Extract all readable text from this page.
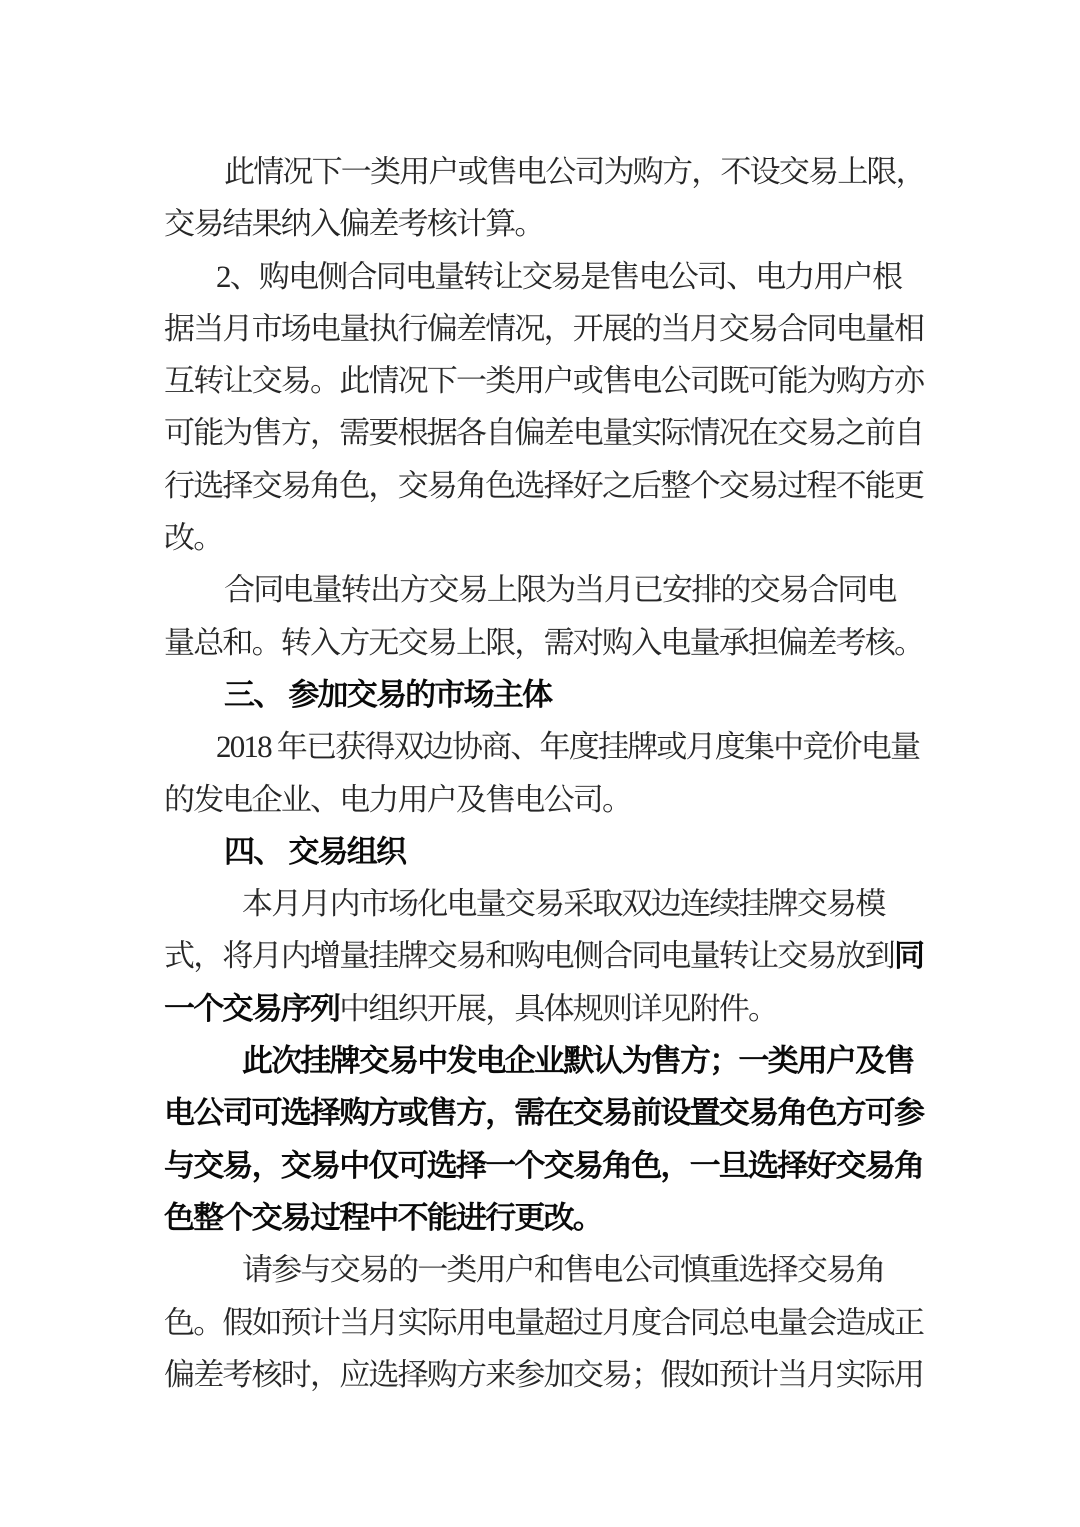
此情况下一类用户或售电公司为购方，不设交易上限，
交易结果纳入偏差考核计算。
2、购电侧合同电量转让交易是售电公司、电力用户根
据当月市场电量执行偏差情况，开展的当月交易合同电量相
互转让交易。此情况下一类用户或售电公司既可能为购方亦
可能为售方，需要根据各自偏差电量实际情况在交易之前自
行选择交易角色，交易角色选择好之后整个交易过程不能更
改。
合同电量转出方交易上限为当月已安排的交易合同电
量总和。转入方无交易上限，需对购入电量承担偏差考核。
三、 参加交易的市场主体
2018 年已获得双边协商、年度挂牌或月度集中竞价电量
的发电企业、电力用户及售电公司。
四、 交易组织
本月月内市场化电量交易采取双边连续挂牌交易模
式，将月内增量挂牌交易和购电侧合同电量转让交易放到同
一个交易序列中组织开展，具体规则详见附件。
此次挂牌交易中发电企业默认为售方；一类用户及售
电公司可选择购方或售方，需在交易前设置交易角色方可参
与交易，交易中仅可选择一个交易角色，一旦选择好交易角
色整个交易过程中不能进行更改。
请参与交易的一类用户和售电公司慎重选择交易角
色。假如预计当月实际用电量超过月度合同总电量会造成正
偏差考核时，应选择购方来参加交易；假如预计当月实际用
